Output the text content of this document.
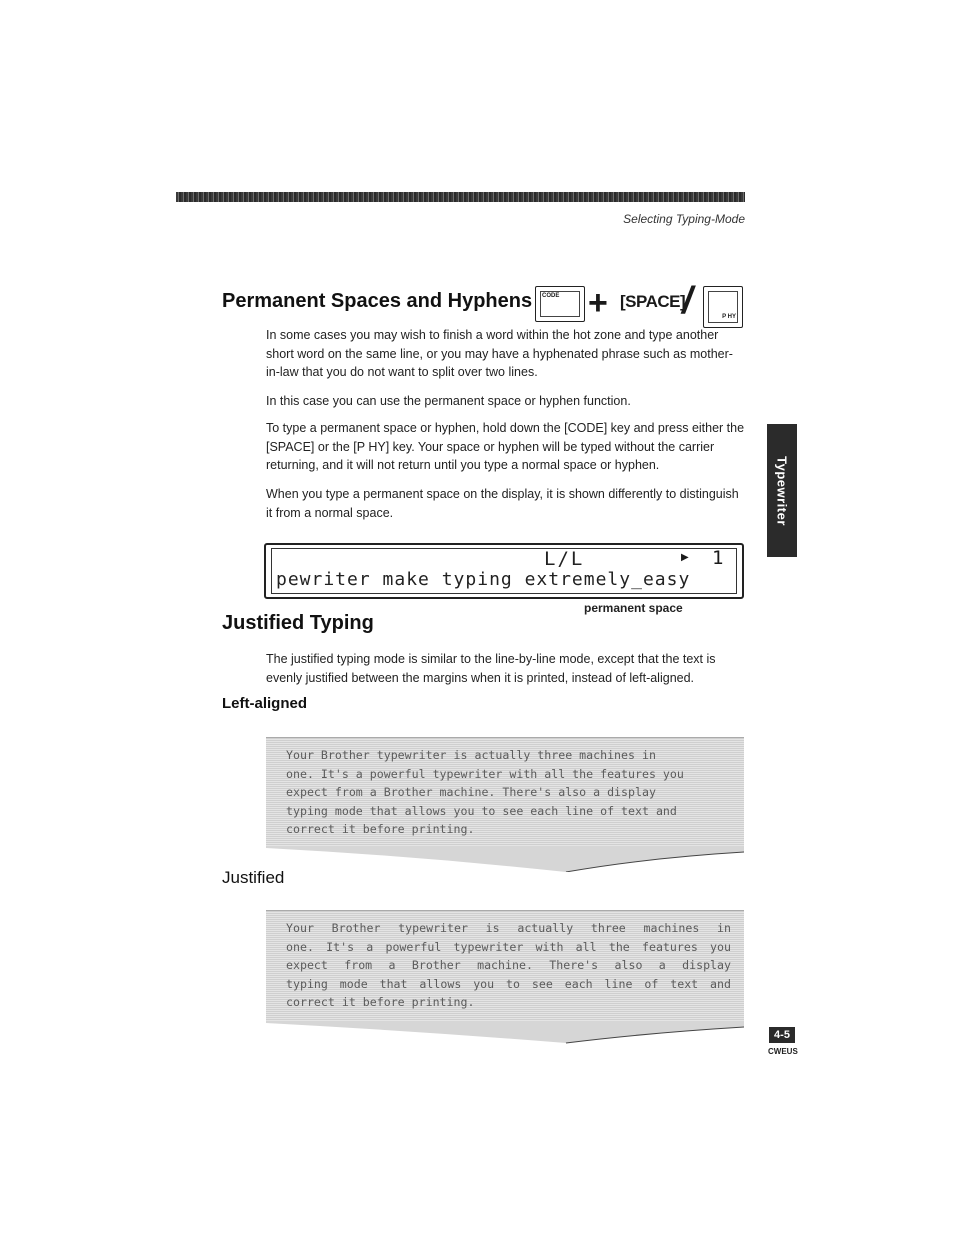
Selecting Typing-Mode
Permanent Spaces and Hyphens CODE + [SPACE]
/	P HY

In some cases you may wish to finish a word within the hot zone and type another short word on the same line, or you may have a hyphenated phrase such as mother-in-law that you do not want to split over two lines.

In this case you can use the permanent space or hyphen function.

To type a permanent space or hyphen, hold down the [CODE] key and press either the [SPACE] or the [P HY] key. Your space or hyphen will be typed without the carrier returning, and it will not return until you type a normal space or hyphen.

When you type a permanent space on the display, it is shown differently to distinguish it from a normal space.

L/L	▶ 1
pewriter make typing extremely_easy
permanent space
Justified Typing

The justified typing mode is similar to the line-by-line mode, except that the text is evenly justified between the margins when it is printed, instead of left-aligned.

Left-aligned
Your Brother typewriter is actually three machines in
one. It's a powerful typewriter with all the features you
expect from a Brother machine. There's also a display
typing mode that allows you to see each line of text and
correct it before printing.
Justified
Your Brother typewriter is actually three machines in
one. It's a powerful typewriter with all the features you
expect from a Brother machine. There's also a display
typing mode that allows you to see each line of text and
correct it before printing.
Typewriter
4-5
CWEUS
